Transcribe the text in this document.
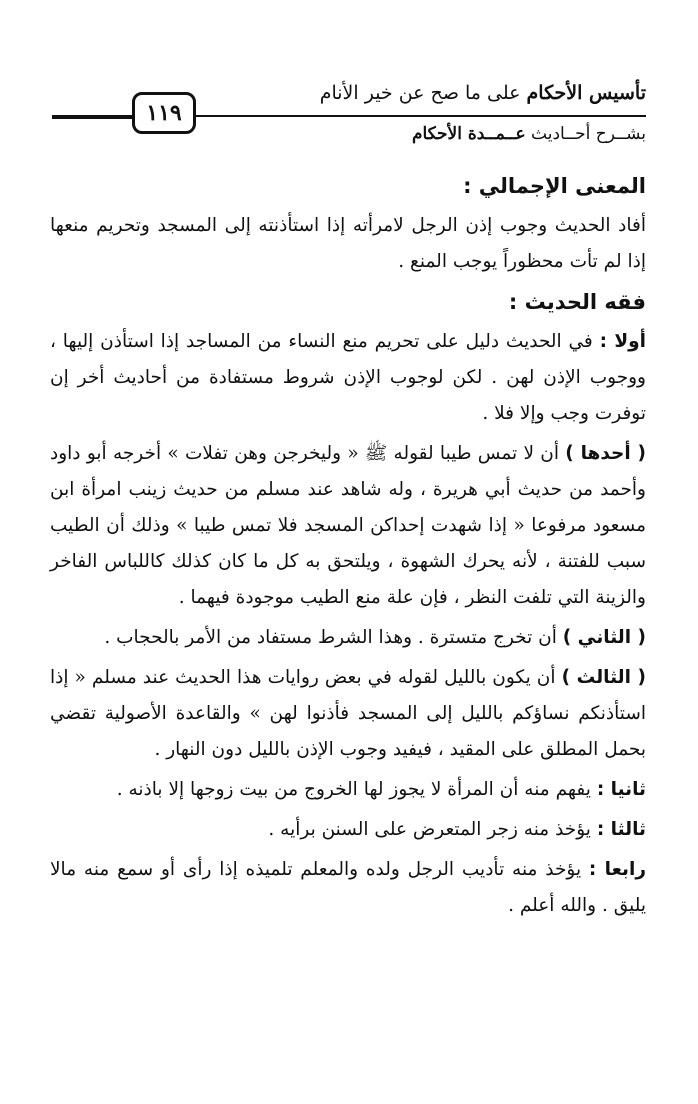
تأسيس الأحكام على ما صح عن خير الأنام
١١٩
بشــرح أحــاديث عــمــدة الأحكام
المعنى الإجمالي :
أفاد الحديث وجوب إذن الرجل لامرأته إذا استأذنته إلى المسجد وتحريم منعها إذا لم تأت محظوراً يوجب المنع .
فقه الحديث :
أولا : في الحديث دليل على تحريم منع النساء من المساجد إذا استأذن إليها ، ووجوب الإذن لهن . لكن لوجوب الإذن شروط مستفادة من أحاديث أخر إن توفرت وجب وإلا فلا .
( أحدها ) أن لا تمس طيبا لقوله ﷺ « وليخرجن وهن تفلات » أخرجه أبو داود وأحمد من حديث أبي هريرة ، وله شاهد عند مسلم من حديث زينب امرأة ابن مسعود مرفوعا « إذا شهدت إحداكن المسجد فلا تمس طيبا » وذلك أن الطيب سبب للفتنة ، لأنه يحرك الشهوة ، ويلتحق به كل ما كان كذلك كاللباس الفاخر والزينة التي تلفت النظر ، فإن علة منع الطيب موجودة فيهما .
( الثاني ) أن تخرج متسترة . وهذا الشرط مستفاد من الأمر بالحجاب .
( الثالث ) أن يكون بالليل لقوله في بعض روايات هذا الحديث عند مسلم « إذا استأذنكم نساؤكم بالليل إلى المسجد فأذنوا لهن » والقاعدة الأصولية تقضي بحمل المطلق على المقيد ، فيفيد وجوب الإذن بالليل دون النهار .
ثانيا : يفهم منه أن المرأة لا يجوز لها الخروج من بيت زوجها إلا باذنه .
ثالثا : يؤخذ منه زجر المتعرض على السنن برأيه .
رابعا : يؤخذ منه تأديب الرجل ولده والمعلم تلميذه إذا رأى أو سمع منه مالا يليق . والله أعلم .
